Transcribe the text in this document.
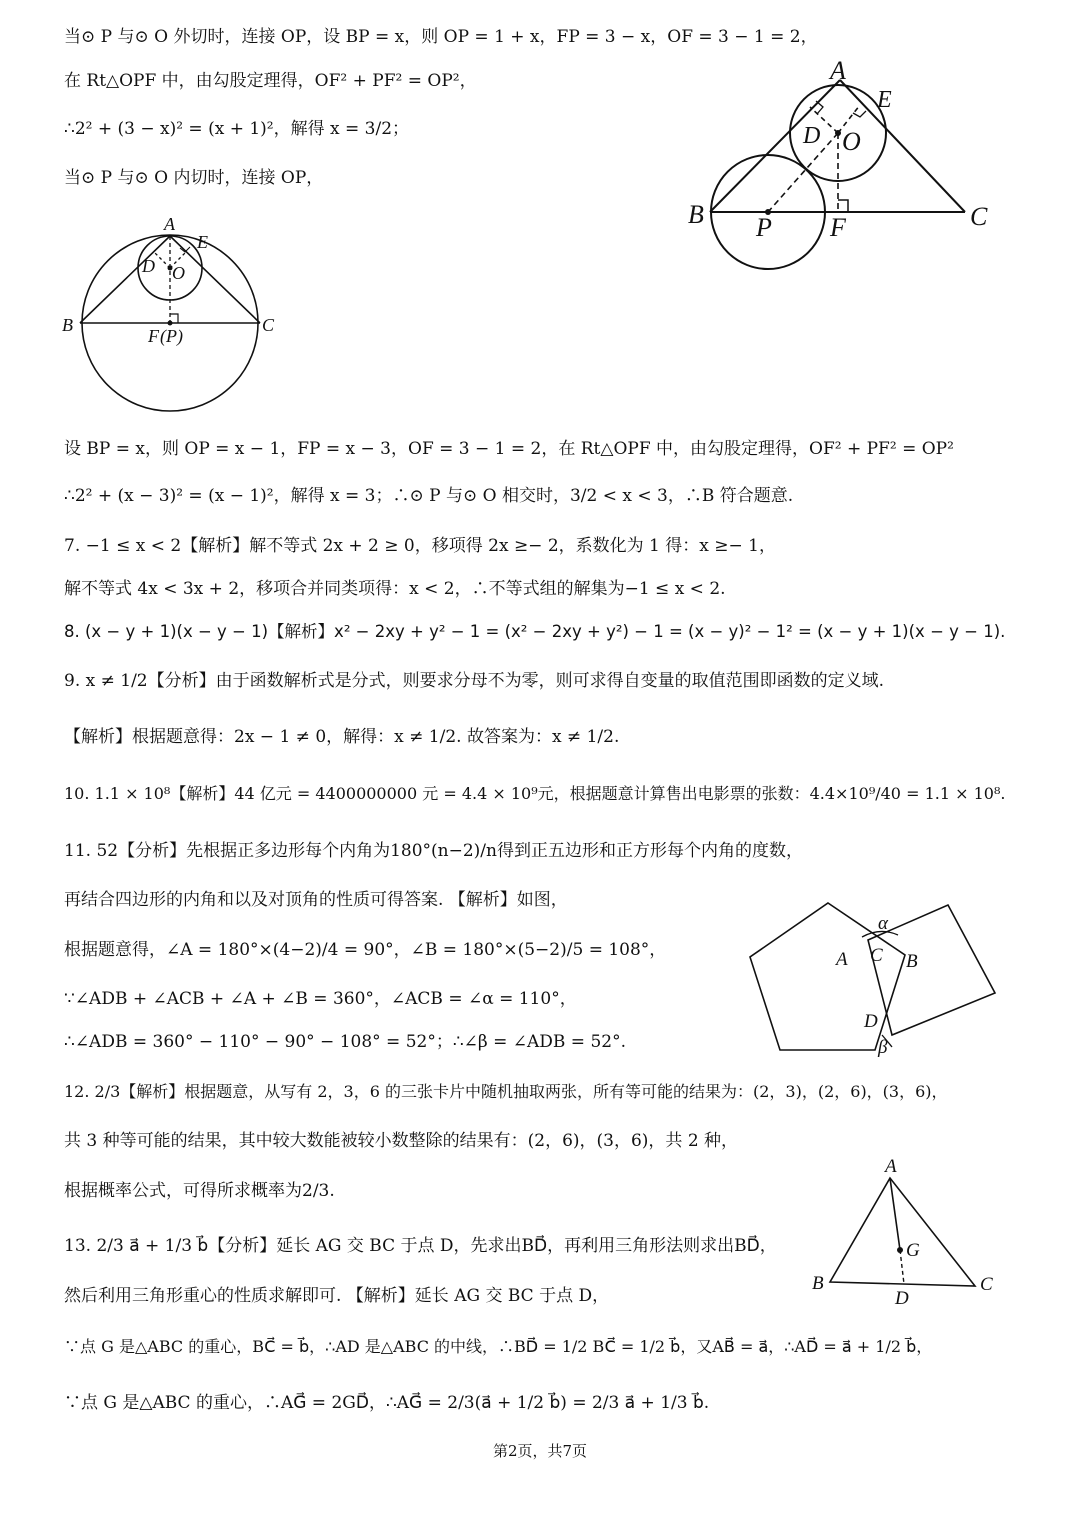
当⊙ P 与⊙ O 外切时，连接 OP，设 BP = x，则 OP = 1 + x，FP = 3 − x，OF = 3 − 1 = 2，
在 Rt△OPF 中，由勾股定理得，OF² + PF² = OP²，
∴2² + (3 − x)² = (x + 1)²，解得 x = 3/2；
当⊙ P 与⊙ O 内切时，连接 OP，
设 BP = x，则 OP = x − 1，FP = x − 3，OF = 3 − 1 = 2，在 Rt△OPF 中，由勾股定理得，OF² + PF² = OP²
∴2² + (x − 3)² = (x − 1)²，解得 x = 3；∴⊙ P 与⊙ O 相交时，3/2 < x < 3，∴B 符合题意.
7. −1 ≤ x < 2【解析】解不等式 2x + 2 ≥ 0，移项得 2x ≥− 2，系数化为 1 得：x ≥− 1，
解不等式 4x < 3x + 2，移项合并同类项得：x < 2，∴不等式组的解集为−1 ≤ x < 2.
8. (x − y + 1)(x − y − 1)【解析】x² − 2xy + y² − 1 = (x² − 2xy + y²) − 1 = (x − y)² − 1² = (x − y + 1)(x − y − 1).
9. x ≠ 1/2【分析】由于函数解析式是分式，则要求分母不为零，则可求得自变量的取值范围即函数的定义域.
【解析】根据题意得：2x − 1 ≠ 0，解得：x ≠ 1/2. 故答案为：x ≠ 1/2.
10. 1.1 × 10⁸【解析】44 亿元 = 4400000000 元 = 4.4 × 10⁹元，根据题意计算售出电影票的张数：4.4×10⁹/40 = 1.1 × 10⁸.
11. 52【分析】先根据正多边形每个内角为180°(n−2)/n得到正五边形和正方形每个内角的度数，
再结合四边形的内角和以及对顶角的性质可得答案. 【解析】如图，
根据题意得，∠A = 180°×(4−2)/4 = 90°，∠B = 180°×(5−2)/5 = 108°，
∵∠ADB + ∠ACB + ∠A + ∠B = 360°，∠ACB = ∠α = 110°，
∴∠ADB = 360° − 110° − 90° − 108° = 52°；∴∠β = ∠ADB = 52°.
12. 2/3【解析】根据题意，从写有 2，3，6 的三张卡片中随机抽取两张，所有等可能的结果为：(2，3)，(2，6)，(3，6)，
共 3 种等可能的结果，其中较大数能被较小数整除的结果有：(2，6)，(3，6)，共 2 种，
根据概率公式，可得所求概率为2/3.
13. 2/3 a⃗ + 1/3 b⃗【分析】延长 AG 交 BC 于点 D，先求出BD⃗，再利用三角形法则求出BD⃗，
然后利用三角形重心的性质求解即可. 【解析】延长 AG 交 BC 于点 D，
∵点 G 是△ABC 的重心，BC⃗ = b⃗，∴AD 是△ABC 的中线，∴BD⃗ = 1/2 BC⃗ = 1/2 b⃗，又AB⃗ = a⃗，∴AD⃗ = a⃗ + 1/2 b⃗，
∵点 G 是△ABC 的重心，∴AG⃗ = 2GD⃗，∴AG⃗ = 2/3(a⃗ + 1/2 b⃗) = 2/3 a⃗ + 1/3 b⃗.
A
E
D O
B P F	C
A
E
D O
B
F (P)
C
α
A C B
D
β
A
G
B
D
C
第2页，共7页
